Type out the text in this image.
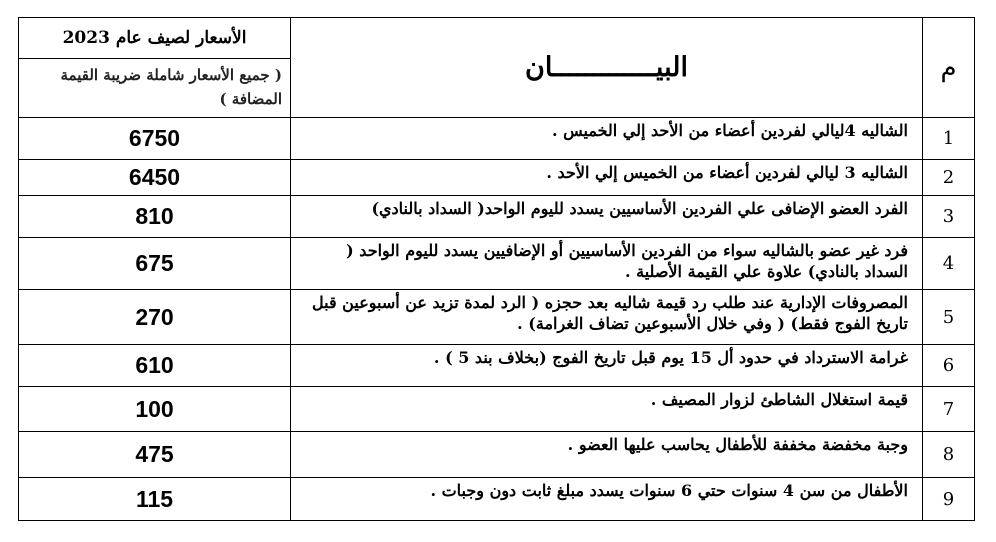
الأسعار لصيف عام 2023
( جميع الأسعار شاملة ضريبة القيمة المضافة )	البيـــــــــــــان	م
6750	الشاليه 4ليالي لفردين أعضاء من الأحد إلي الخميس .	1
6450	الشاليه 3 ليالي لفردين أعضاء من الخميس إلي الأحد .	2
810	الفرد العضو الإضافى علي الفردين الأساسيين يسدد لليوم الواحد( السداد بالنادي)	3
675	فرد غير عضو بالشاليه سواء من الفردين الأساسيين أو الإضافيين يسدد لليوم الواحد ( السداد بالنادي) علاوة علي القيمة الأصلية .	4
270	المصروفات الإدارية عند طلب رد قيمة شاليه بعد حجزه ( الرد لمدة تزيد عن أسبوعين قبل تاريخ الفوج فقط) ( وفي خلال الأسبوعين تضاف الغرامة) .	5
610	غرامة الاسترداد في حدود أل 15 يوم قبل تاريخ الفوج (بخلاف بند 5 ) .	6
100	قيمة استغلال الشاطئ لزوار المصيف .	7
475	وجبة مخفضة مخففة للأطفال يحاسب عليها العضو .	8
115	الأطفال من سن 4 سنوات حتي 6 سنوات يسدد مبلغ ثابت دون وجبات .	9
